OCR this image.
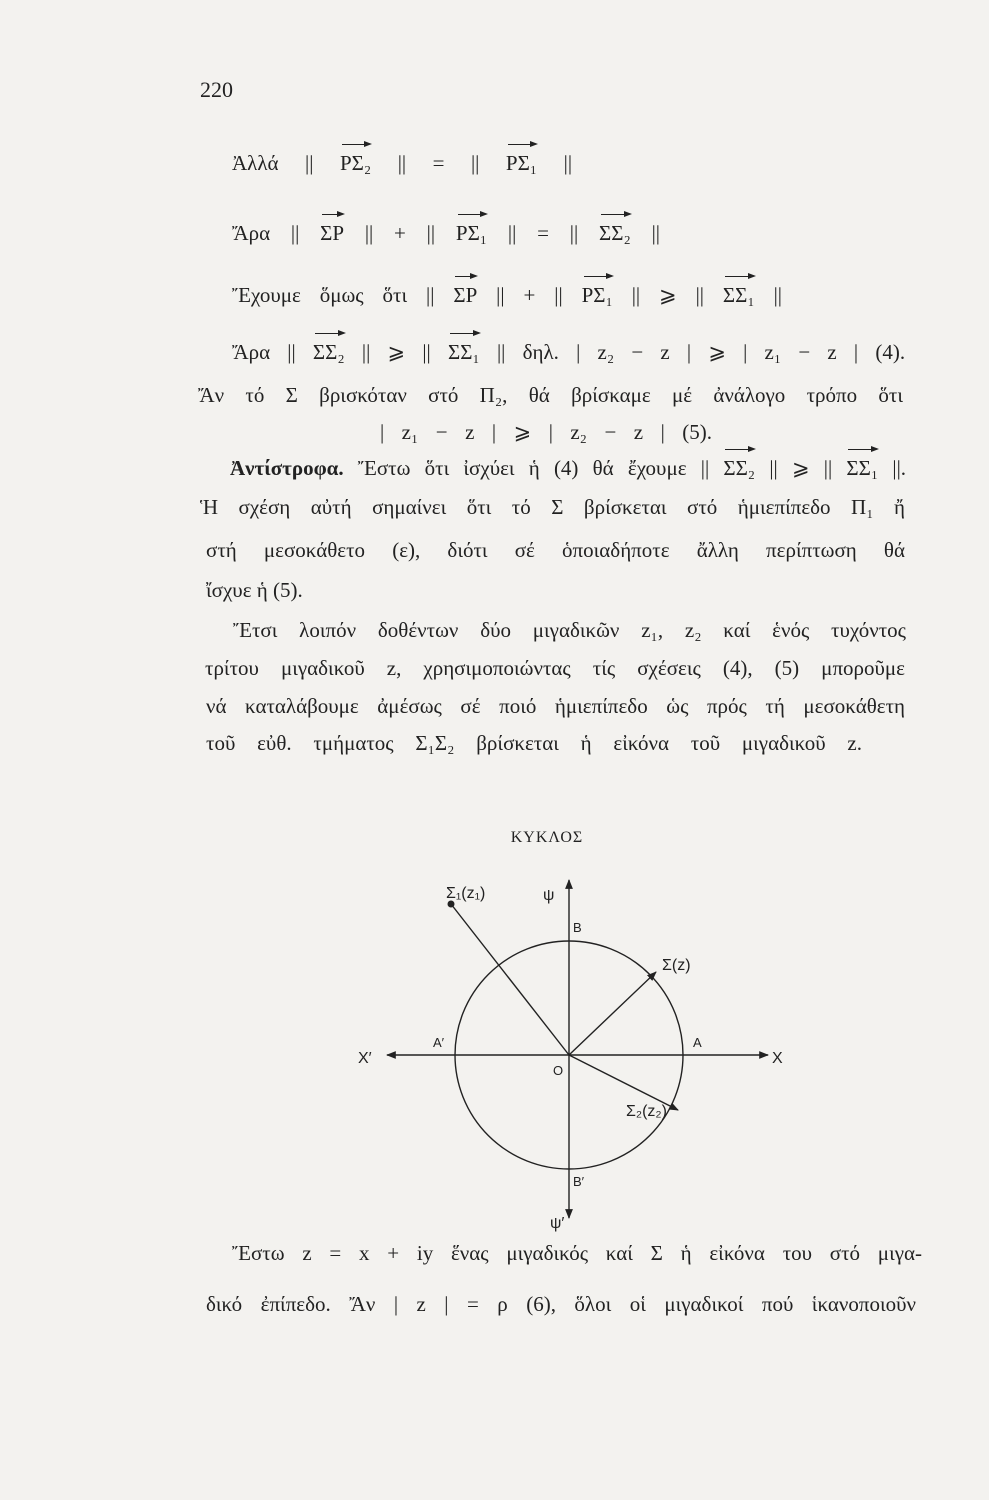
220
Ἀλλά || ΡΣ₂ || = || ΡΣ₁ ||
Ἄρα || ΣΡ || + || ΡΣ₁ || = || ΣΣ₂ ||
Ἔχουμε ὅμως ὅτι || ΣΡ || + || ΡΣ₁ || ⩾ || ΣΣ₁ ||
Ἄρα || ΣΣ₂ || ⩾ || ΣΣ₁ || δηλ. | z₂ − z | ⩾ | z₁ − z | (4).
Ἄν τό Σ βρισκόταν στό Π₂, θά βρίσκαμε μέ ἀνάλογο τρόπο ὅτι
| z₁ − z | ⩾ | z₂ − z | (5).
Ἀντίστροφα. Ἔστω ὅτι ἰσχύει ἡ (4) θά ἔχουμε || ΣΣ₂ || ⩾ || ΣΣ₁ ||.
Ἡ σχέση αὐτή σημαίνει ὅτι τό Σ βρίσκεται στό ἡμιεπίπεδο Π₁ ἤ
στή μεσοκάθετο (ε), διότι σέ ὁποιαδήποτε ἄλλη περίπτωση θά
ἴσχυε ἡ (5).
Ἔτσι λοιπόν δοθέντων δύο μιγαδικῶν z₁, z₂ καί ἑνός τυχόντος
τρίτου μιγαδικοῦ z, χρησιμοποιώντας τίς σχέσεις (4), (5) μποροῦμε
νά καταλάβουμε ἀμέσως σέ ποιό ἡμιεπίπεδο ὡς πρός τή μεσοκάθετη
τοῦ εὐθ. τμήματος Σ₁Σ₂ βρίσκεται ἡ εἰκόνα τοῦ μιγαδικοῦ z.
ΚΥΚΛΟΣ
Σ₁(z₁)	ψ
B
Σ(z)
X′
A′	A
X
O
Σ₂(z₂)
B′
ψ′
Ἔστω z = x + iy ἕνας μιγαδικός καί Σ ἡ εἰκόνα του στό μιγα-
δικό ἐπίπεδο. Ἄν | z | = ρ (6), ὅλοι οἱ μιγαδικοί πού ἱκανοποιοῦν
